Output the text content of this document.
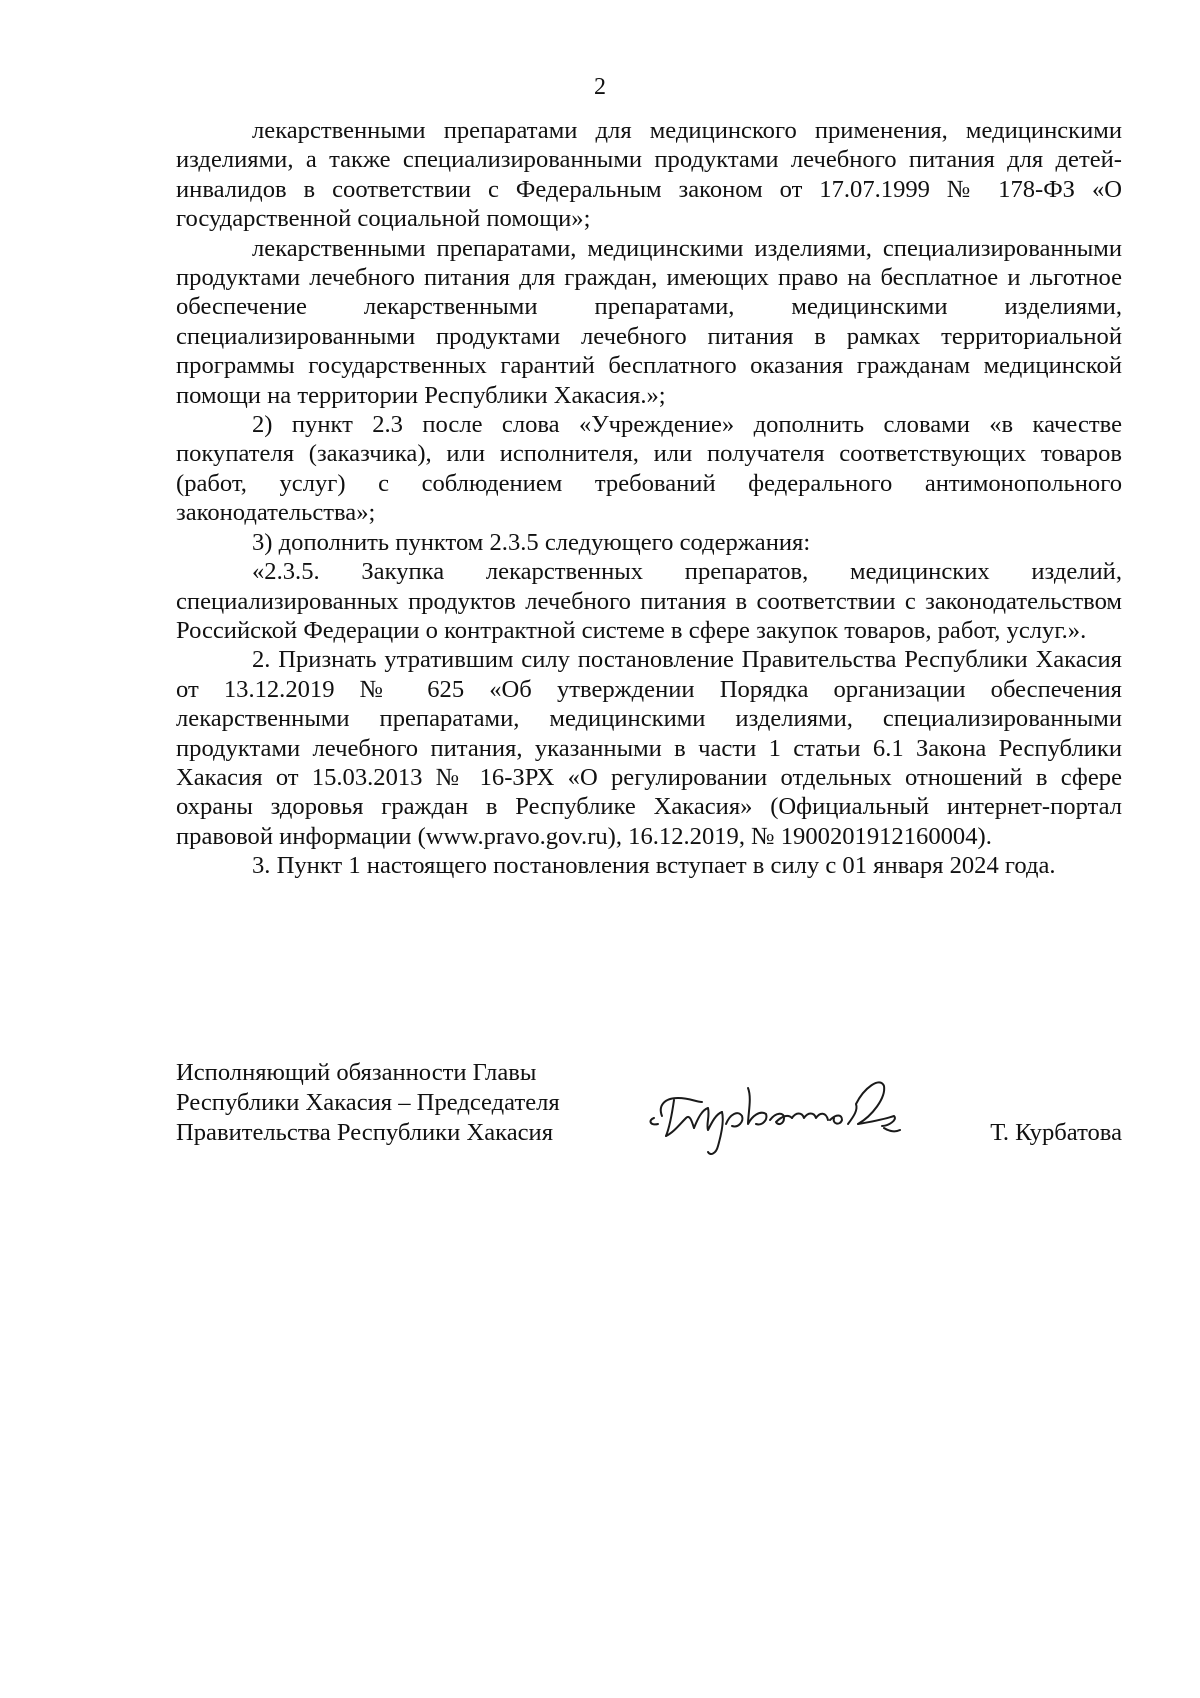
2

лекарственными препаратами для медицинского применения, медицинскими изделиями, а также специализированными продуктами лечебного питания для детей-инвалидов в соответствии с Федеральным законом от 17.07.1999 № 178-ФЗ «О государственной социальной помощи»;

лекарственными препаратами, медицинскими изделиями, специализированными продуктами лечебного питания для граждан, имеющих право на бесплатное и льготное обеспечение лекарственными препаратами, медицинскими изделиями, специализированными продуктами лечебного питания в рамках территориальной программы государственных гарантий бесплатного оказания гражданам медицинской помощи на территории Республики Хакасия.»;

2) пункт 2.3 после слова «Учреждение» дополнить словами «в качестве покупателя (заказчика), или исполнителя, или получателя соответствующих товаров (работ, услуг) с соблюдением требований федерального антимонопольного законодательства»;

3) дополнить пунктом 2.3.5 следующего содержания:

«2.3.5. Закупка лекарственных препаратов, медицинских изделий, специализированных продуктов лечебного питания в соответствии с законодательством Российской Федерации о контрактной системе в сфере закупок товаров, работ, услуг.».

2. Признать утратившим силу постановление Правительства Республики Хакасия от 13.12.2019 № 625 «Об утверждении Порядка организации обеспечения лекарственными препаратами, медицинскими изделиями, специализированными продуктами лечебного питания, указанными в части 1 статьи 6.1 Закона Республики Хакасия от 15.03.2013 № 16-ЗРХ «О регулировании отдельных отношений в сфере охраны здоровья граждан в Республике Хакасия» (Официальный интернет-портал правовой информации (www.pravo.gov.ru), 16.12.2019, № 1900201912160004).

3. Пункт 1 настоящего постановления вступает в силу с 01 января 2024 года.

Исполняющий обязанности Главы
Республики Хакасия – Председателя
Правительства Республики Хакасия	Т. Курбатова
